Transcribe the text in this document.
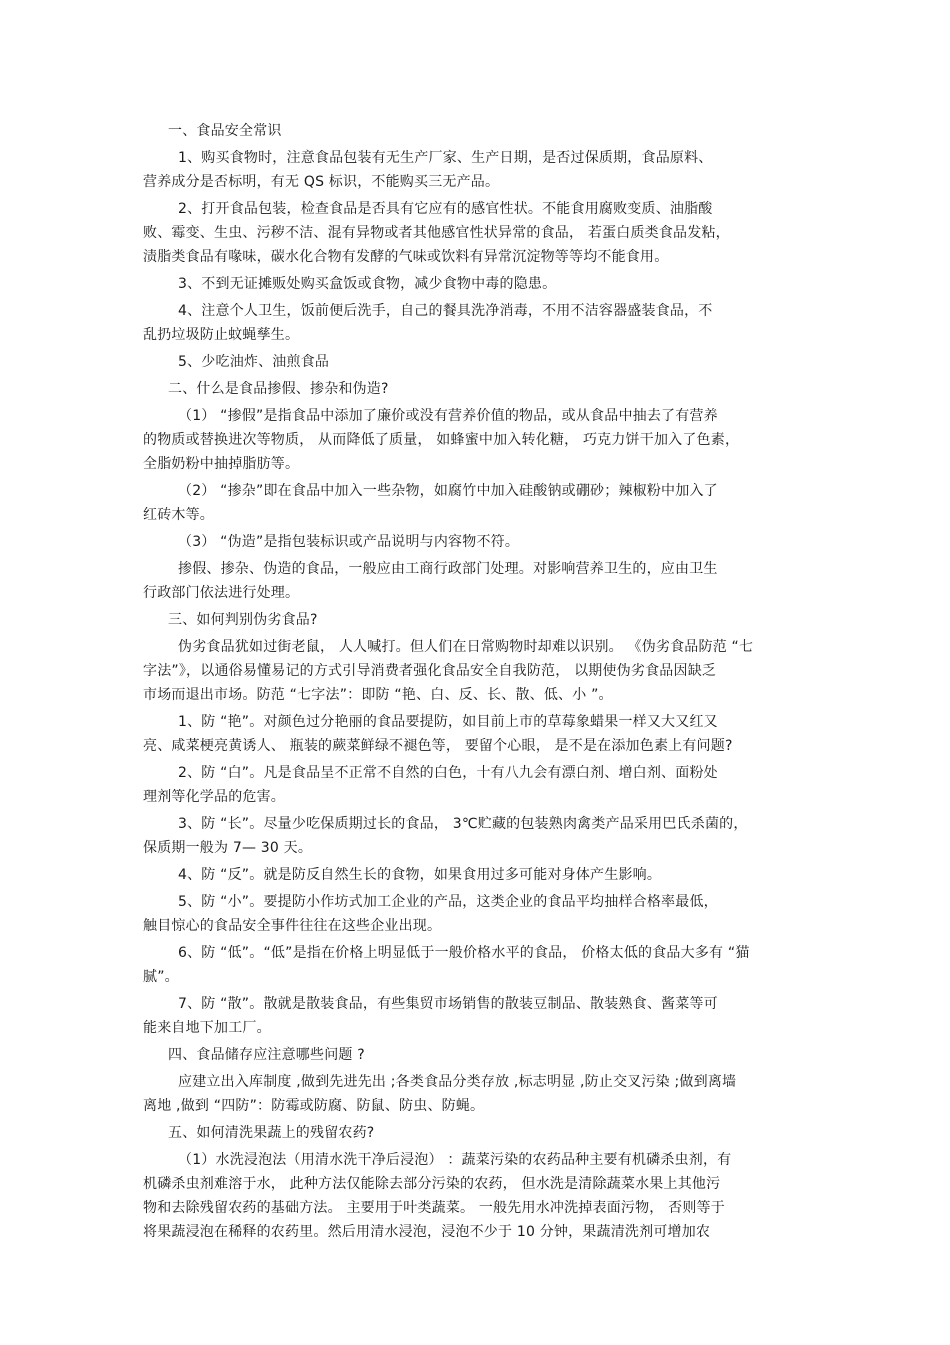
一、食品安全常识

1、购买食物时，注意食品包装有无生产厂家、生产日期，是否过保质期，食品原料、

营养成分是否标明，有无 QS 标识，不能购买三无产品。

2、打开食品包装，检查食品是否具有它应有的感官性状。不能食用腐败变质、油脂酸

败、霉变、生虫、污秽不洁、混有异物或者其他感官性状异常的食品， 若蛋白质类食品发粘，

渍脂类食品有喙味，碳水化合物有发酵的气味或饮料有异常沉淀物等等均不能食用。

3、不到无证摊贩处购买盒饭或食物，减少食物中毒的隐患。

4、注意个人卫生，饭前便后洗手，自己的餐具洗净消毒，不用不洁容器盛装食品，不

乱扔垃圾防止蚊蝇孳生。

5、少吃油炸、油煎食品

二、什么是食品掺假、掺杂和伪造?

（1） “掺假”是指食品中添加了廉价或没有营养价值的物品，或从食品中抽去了有营养

的物质或替换进次等物质， 从而降低了质量， 如蜂蜜中加入转化糖， 巧克力饼干加入了色素，

全脂奶粉中抽掉脂肪等。

（2） “掺杂”即在食品中加入一些杂物，如腐竹中加入硅酸钠或硼砂；辣椒粉中加入了

红砖木等。

（3） “伪造”是指包装标识或产品说明与内容物不符。

掺假、掺杂、伪造的食品，一般应由工商行政部门处理。对影响营养卫生的，应由卫生

行政部门依法进行处理。

三、如何判别伪劣食品?

伪劣食品犹如过街老鼠， 人人喊打。但人们在日常购物时却难以识别。 《伪劣食品防范 “七

字法”》，以通俗易懂易记的方式引导消费者强化食品安全自我防范， 以期使伪劣食品因缺乏

市场而退出市场。防范 “七字法”：即防 “艳、白、反、长、散、低、小 ”。

1、防 “艳”。对颜色过分艳丽的食品要提防，如目前上市的草莓象蜡果一样又大又红又

亮、咸菜梗亮黄诱人、 瓶装的蕨菜鲜绿不褪色等， 要留个心眼， 是不是在添加色素上有问题?

2、防 “白”。凡是食品呈不正常不自然的白色，十有八九会有漂白剂、增白剂、面粉处

理剂等化学品的危害。

3、防 “长”。尽量少吃保质期过长的食品， 3℃贮藏的包装熟肉禽类产品采用巴氏杀菌的，

保质期一般为 7— 30 天。

4、防 “反”。就是防反自然生长的食物，如果食用过多可能对身体产生影响。

5、防 “小”。要提防小作坊式加工企业的产品，这类企业的食品平均抽样合格率最低，

触目惊心的食品安全事件往往在这些企业出现。

6、防 “低”。“低”是指在价格上明显低于一般价格水平的食品， 价格太低的食品大多有 “猫

腻”。

7、防 “散”。散就是散装食品，有些集贸市场销售的散装豆制品、散装熟食、酱菜等可

能来自地下加工厂。

四、食品储存应注意哪些问题 ?

应建立出入库制度 ,做到先进先出 ;各类食品分类存放 ,标志明显 ,防止交叉污染 ;做到离墙

离地 ,做到 “四防”：防霉或防腐、防鼠、防虫、防蝇。

五、如何清洗果蔬上的残留农药?

（1）水洗浸泡法（用清水洗干净后浸泡） ：蔬菜污染的农药品种主要有机磷杀虫剂，有

机磷杀虫剂难溶于水， 此种方法仅能除去部分污染的农药， 但水洗是清除蔬菜水果上其他污

物和去除残留农药的基础方法。 主要用于叶类蔬菜。 一般先用水冲洗掉表面污物， 否则等于

将果蔬浸泡在稀释的农药里。然后用清水浸泡，浸泡不少于 10 分钟，果蔬清洗剂可增加农
